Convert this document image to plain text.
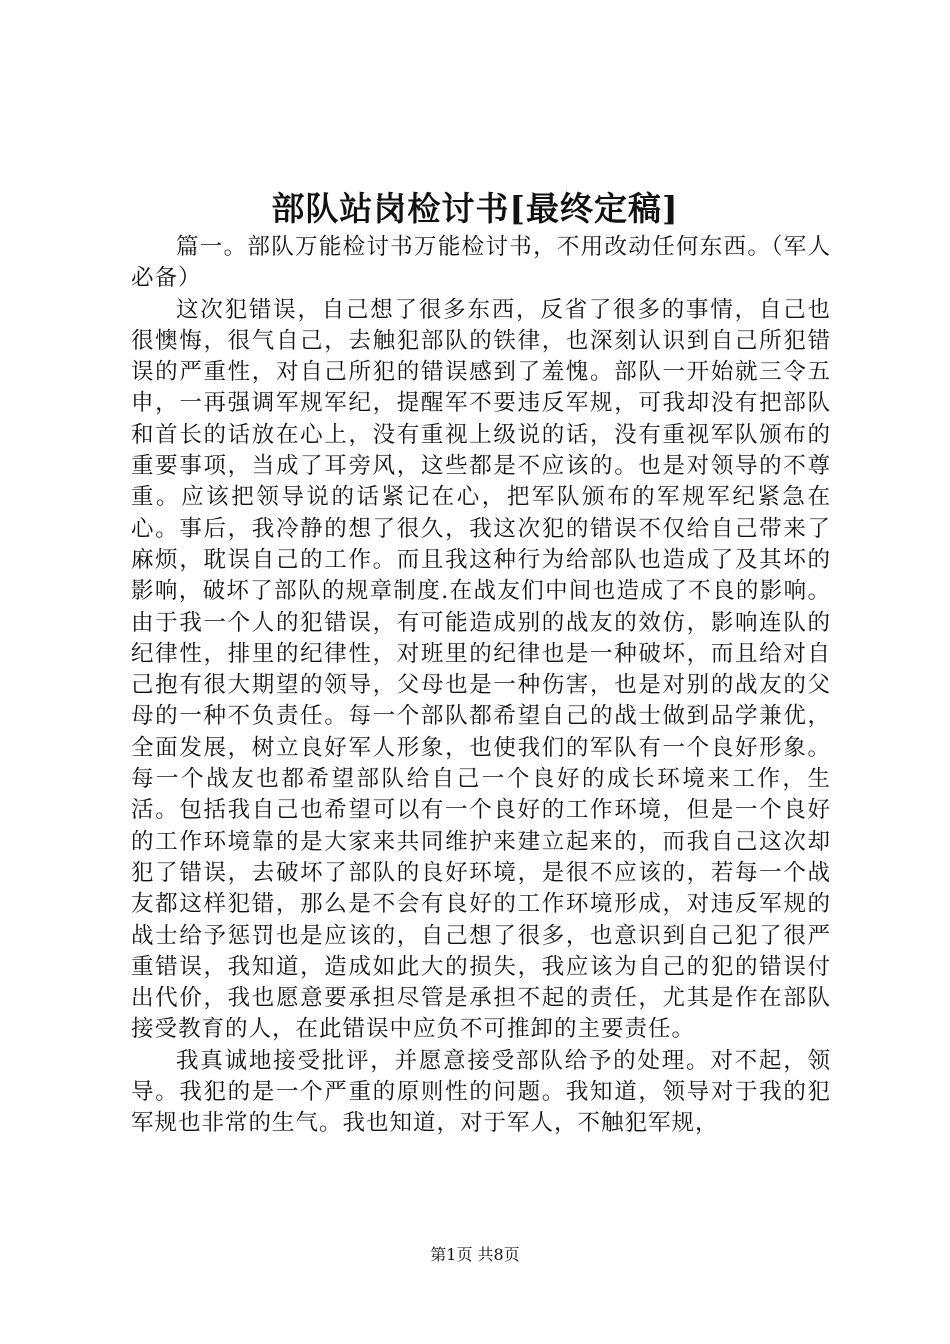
部队站岗检讨书[最终定稿]

篇一。部队万能检讨书万能检讨书，不用改动任何东西。（军人必备）

这次犯错误，自己想了很多东西，反省了很多的事情，自己也很懊悔，很气自己，去触犯部队的铁律，也深刻认识到自己所犯错误的严重性，对自己所犯的错误感到了羞愧。部队一开始就三令五申，一再强调军规军纪，提醒军不要违反军规，可我却没有把部队和首长的话放在心上，没有重视上级说的话，没有重视军队颁布的重要事项，当成了耳旁风，这些都是不应该的。也是对领导的不尊重。应该把领导说的话紧记在心，把军队颁布的军规军纪紧急在心。事后，我冷静的想了很久，我这次犯的错误不仅给自己带来了麻烦，耽误自己的工作。而且我这种行为给部队也造成了及其坏的影响，破坏了部队的规章制度.在战友们中间也造成了不良的影响。由于我一个人的犯错误，有可能造成别的战友的效仿，影响连队的纪律性，排里的纪律性，对班里的纪律也是一种破坏，而且给对自己抱有很大期望的领导，父母也是一种伤害，也是对别的战友的父母的一种不负责任。每一个部队都希望自己的战士做到品学兼优，全面发展，树立良好军人形象，也使我们的军队有一个良好形象。每一个战友也都希望部队给自己一个良好的成长环境来工作，生活。包括我自己也希望可以有一个良好的工作环境，但是一个良好的工作环境靠的是大家来共同维护来建立起来的，而我自己这次却犯了错误，去破坏了部队的良好环境，是很不应该的，若每一个战友都这样犯错，那么是不会有良好的工作环境形成，对违反军规的战士给予惩罚也是应该的，自己想了很多，也意识到自己犯了很严重错误，我知道，造成如此大的损失，我应该为自己的犯的错误付出代价，我也愿意要承担尽管是承担不起的责任，尤其是作在部队接受教育的人，在此错误中应负不可推卸的主要责任。

我真诚地接受批评，并愿意接受部队给予的处理。对不起，领导。我犯的是一个严重的原则性的问题。我知道，领导对于我的犯军规也非常的生气。我也知道，对于军人，不触犯军规，

第1页 共8页
